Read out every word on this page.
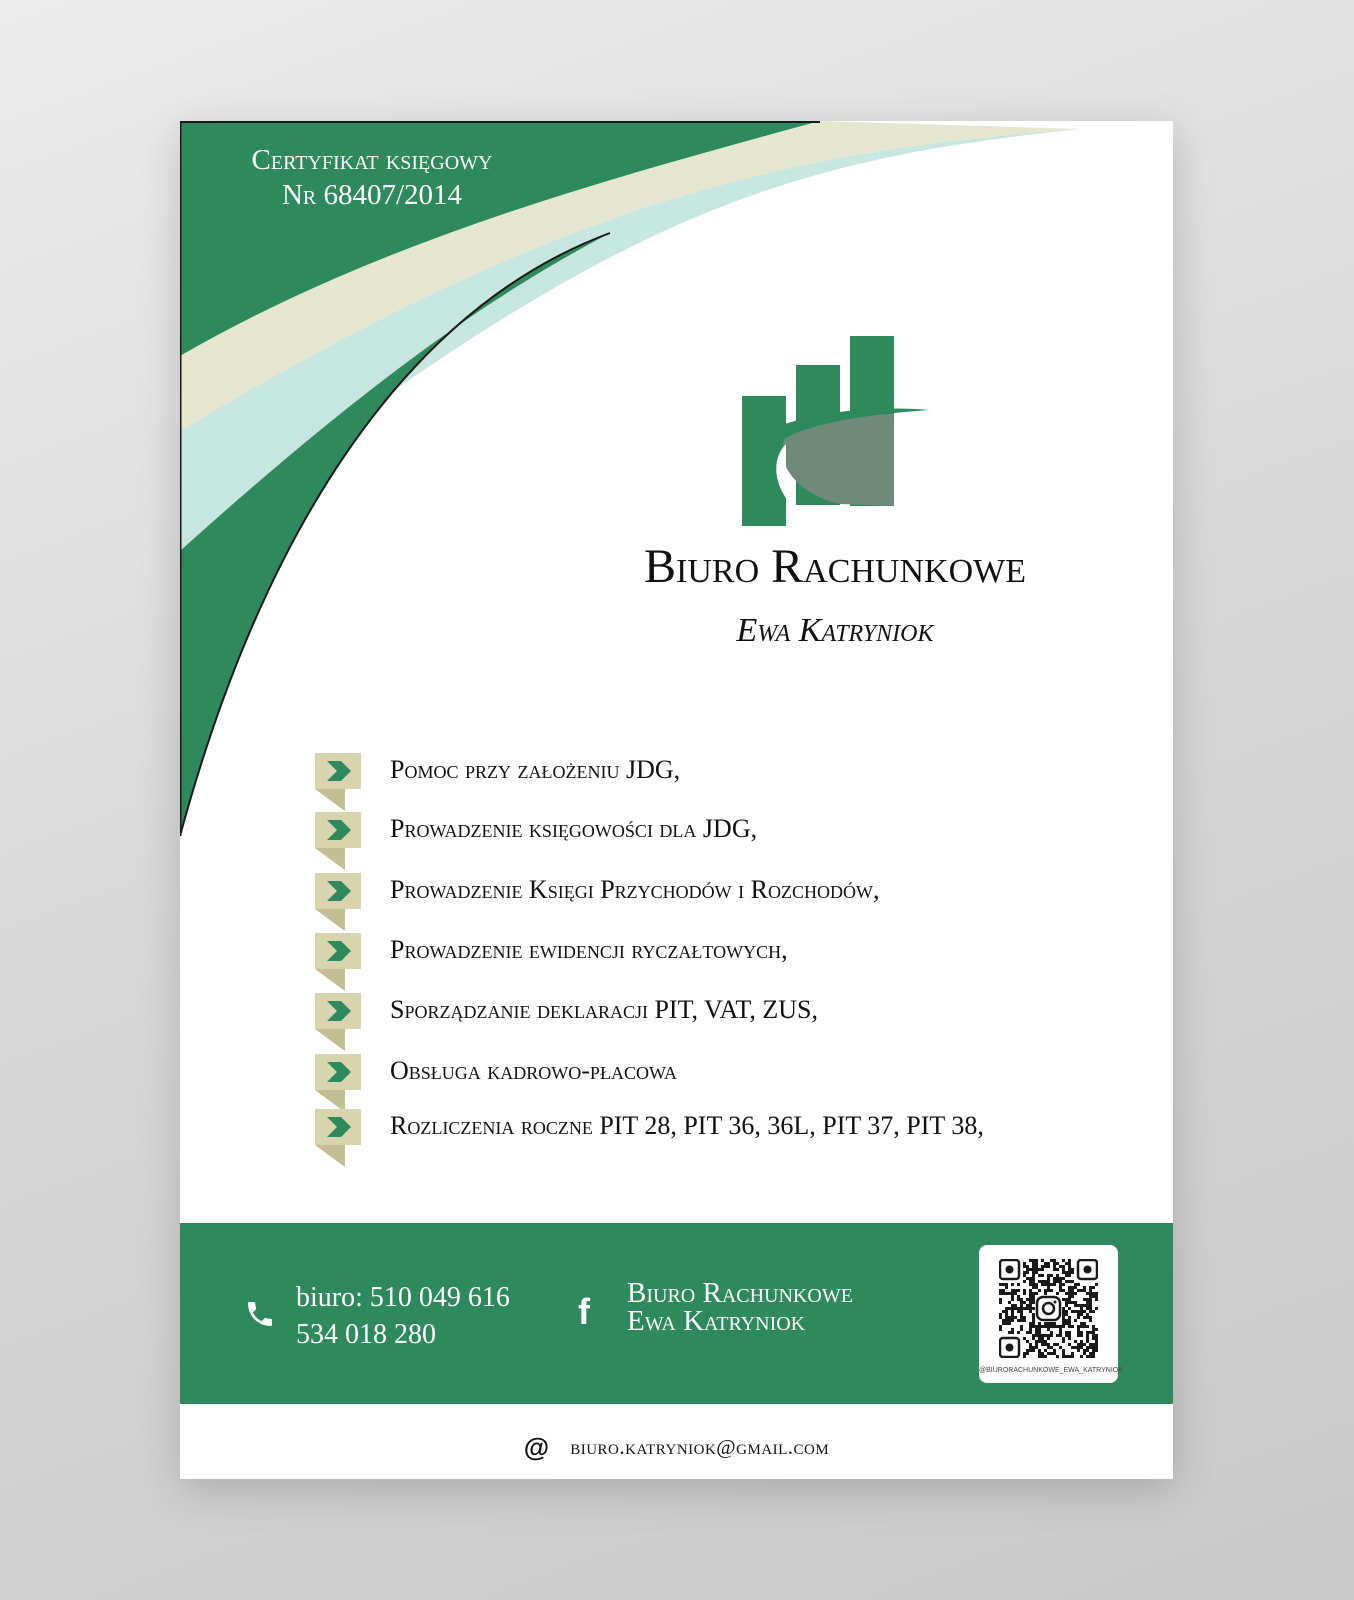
Certyfikat księgowy
Nr 68407/2014
Biuro Rachunkowe
Ewa Katryniok
Pomoc przy założeniu JDG,
Prowadzenie księgowości dla JDG,
Prowadzenie Księgi Przychodów i Rozchodów,
Prowadzenie ewidencji ryczałtowych,
Sporządzanie deklaracji PIT, VAT, ZUS,
Obsługa kadrowo-płacowa
Rozliczenia roczne PIT 28, PIT 36, 36L, PIT 37, PIT 38,
biuro: 510 049 616
534 018 280
f Biuro Rachunkowe
Ewa Katryniok
@BIURORACHUNKOWE_EWA_KATRYNIOK
@ biuro.katryniok@gmail.com
